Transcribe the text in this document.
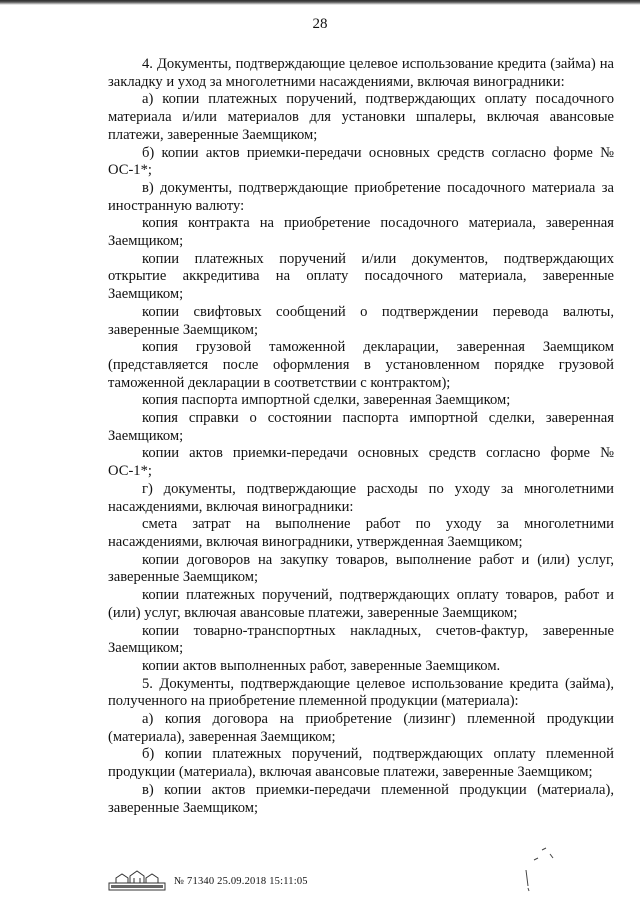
28

4. Документы, подтверждающие целевое использование кредита (займа) на закладку и уход за многолетними насаждениями, включая виноградники:

а) копии платежных поручений, подтверждающих оплату посадочного материала и/или материалов для установки шпалеры, включая авансовые платежи, заверенные Заемщиком;

б) копии актов приемки-передачи основных средств согласно форме № ОС-1*;

в) документы, подтверждающие приобретение посадочного материала за иностранную валюту:

копия контракта на приобретение посадочного материала, заверенная Заемщиком;

копии платежных поручений и/или документов, подтверждающих открытие аккредитива на оплату посадочного материала, заверенные Заемщиком;

копии свифтовых сообщений о подтверждении перевода валюты, заверенные Заемщиком;

копия грузовой таможенной декларации, заверенная Заемщиком (представляется после оформления в установленном порядке грузовой таможенной декларации в соответствии с контрактом);

копия паспорта импортной сделки, заверенная Заемщиком;

копия справки о состоянии паспорта импортной сделки, заверенная Заемщиком;

копии актов приемки-передачи основных средств согласно форме № ОС-1*;

г) документы, подтверждающие расходы по уходу за многолетними насаждениями, включая виноградники:

смета затрат на выполнение работ по уходу за многолетними насаждениями, включая виноградники, утвержденная Заемщиком;

копии договоров на закупку товаров, выполнение работ и (или) услуг, заверенные Заемщиком;

копии платежных поручений, подтверждающих оплату товаров, работ и (или) услуг, включая авансовые платежи, заверенные Заемщиком;

копии товарно-транспортных накладных, счетов-фактур, заверенные Заемщиком;

копии актов выполненных работ, заверенные Заемщиком.

5. Документы, подтверждающие целевое использование кредита (займа), полученного на приобретение племенной продукции (материала):

а) копия договора на приобретение (лизинг) племенной продукции (материала), заверенная Заемщиком;

б) копии платежных поручений, подтверждающих оплату племенной продукции (материала), включая авансовые платежи, заверенные Заемщиком;

в) копии актов приемки-передачи племенной продукции (материала), заверенные Заемщиком;

№ 71340 25.09.2018 15:11:05
